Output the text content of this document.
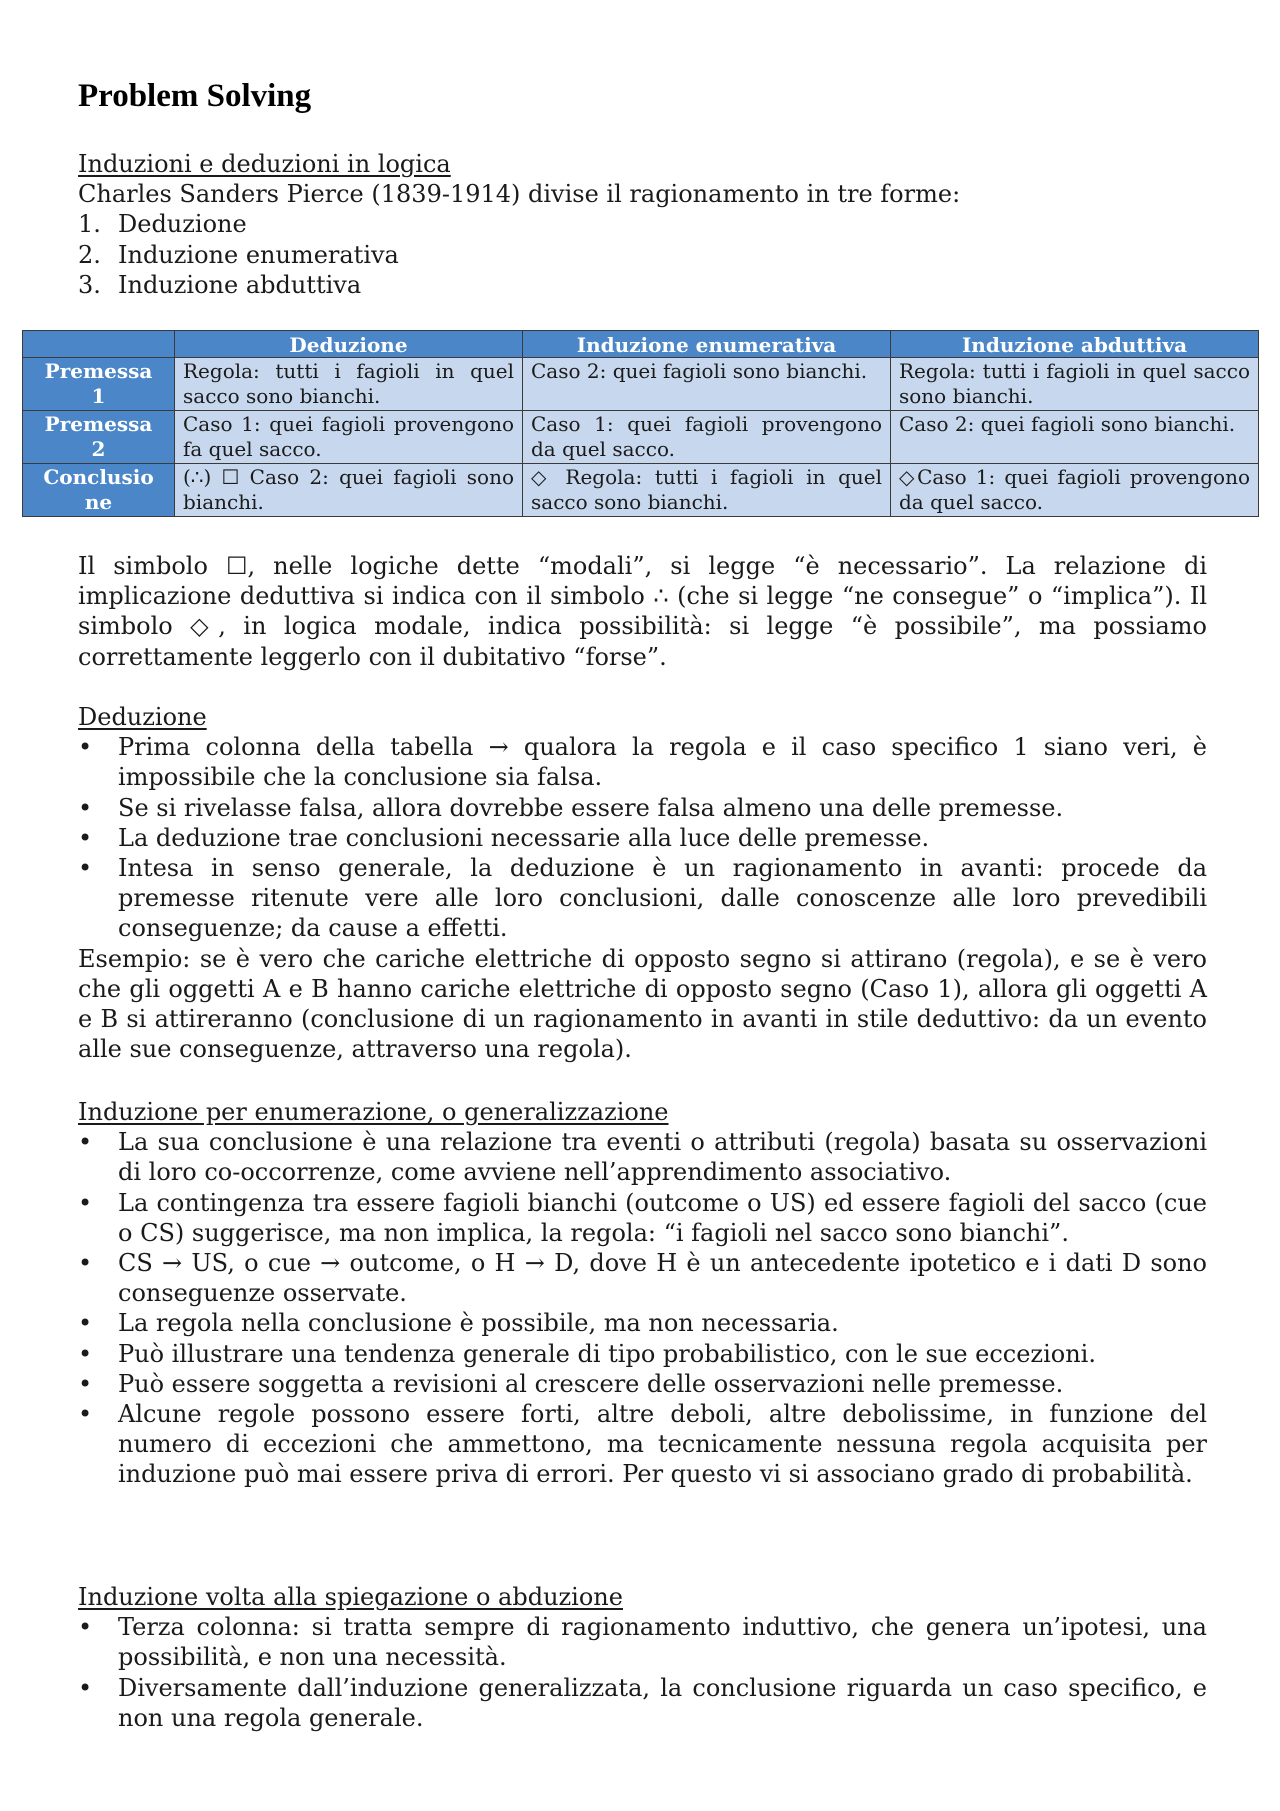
Problem Solving
Induzioni e deduzioni in logica
Charles Sanders Pierce (1839-1914) divise il ragionamento in tre forme:
1. Deduzione
2. Induzione enumerativa
3. Induzione abduttiva
	Deduzione	Induzione enumerativa	Induzione abduttiva

Premessa
1	Regola: tutti i fagioli in quel sacco sono bianchi.	Caso 2: quei fagioli sono bianchi.	Regola: tutti i fagioli in quel sacco sono bianchi.

Premessa
2	Caso 1: quei fagioli provengono fa quel sacco.	Caso 1: quei fagioli provengono da quel sacco.	Caso 2: quei fagioli sono bianchi.

Conclusio
ne	(∴) ☐ Caso 2: quei fagioli sono bianchi.	◇ Regola: tutti i fagioli in quel sacco sono bianchi.	◇Caso 1: quei fagioli provengono da quel sacco.
Il simbolo ☐, nelle logiche dette “modali”, si legge “è necessario”. La relazione di implicazione deduttiva si indica con il simbolo ∴ (che si legge “ne consegue” o “implica”). Il simbolo ◇, in logica modale, indica possibilità: si legge “è possibile”, ma possiamo correttamente leggerlo con il dubitativo “forse”.
Deduzione
• Prima colonna della tabella → qualora la regola e il caso specifico 1 siano veri, è impossibile che la conclusione sia falsa.
• Se si rivelasse falsa, allora dovrebbe essere falsa almeno una delle premesse.
• La deduzione trae conclusioni necessarie alla luce delle premesse.
• Intesa in senso generale, la deduzione è un ragionamento in avanti: procede da premesse ritenute vere alle loro conclusioni, dalle conoscenze alle loro prevedibili conseguenze; da cause a effetti.

Esempio: se è vero che cariche elettriche di opposto segno si attirano (regola), e se è vero che gli oggetti A e B hanno cariche elettriche di opposto segno (Caso 1), allora gli oggetti A e B si attireranno (conclusione di un ragionamento in avanti in stile deduttivo: da un evento alle sue conseguenze, attraverso una regola).

Induzione per enumerazione, o generalizzazione
• La sua conclusione è una relazione tra eventi o attributi (regola) basata su osservazioni di loro co-occorrenze, come avviene nell’apprendimento associativo.
• La contingenza tra essere fagioli bianchi (outcome o US) ed essere fagioli del sacco (cue o CS) suggerisce, ma non implica, la regola: “i fagioli nel sacco sono bianchi”.
• CS → US, o cue → outcome, o H → D, dove H è un antecedente ipotetico e i dati D sono conseguenze osservate.
• La regola nella conclusione è possibile, ma non necessaria.
• Può illustrare una tendenza generale di tipo probabilistico, con le sue eccezioni.
• Può essere soggetta a revisioni al crescere delle osservazioni nelle premesse.
• Alcune regole possono essere forti, altre deboli, altre debolissime, in funzione del numero di eccezioni che ammettono, ma tecnicamente nessuna regola acquisita per induzione può mai essere priva di errori. Per questo vi si associano grado di probabilità.
Induzione volta alla spiegazione o abduzione
• Terza colonna: si tratta sempre di ragionamento induttivo, che genera un’ipotesi, una possibilità, e non una necessità.
• Diversamente dall’induzione generalizzata, la conclusione riguarda un caso specifico, e non una regola generale.
